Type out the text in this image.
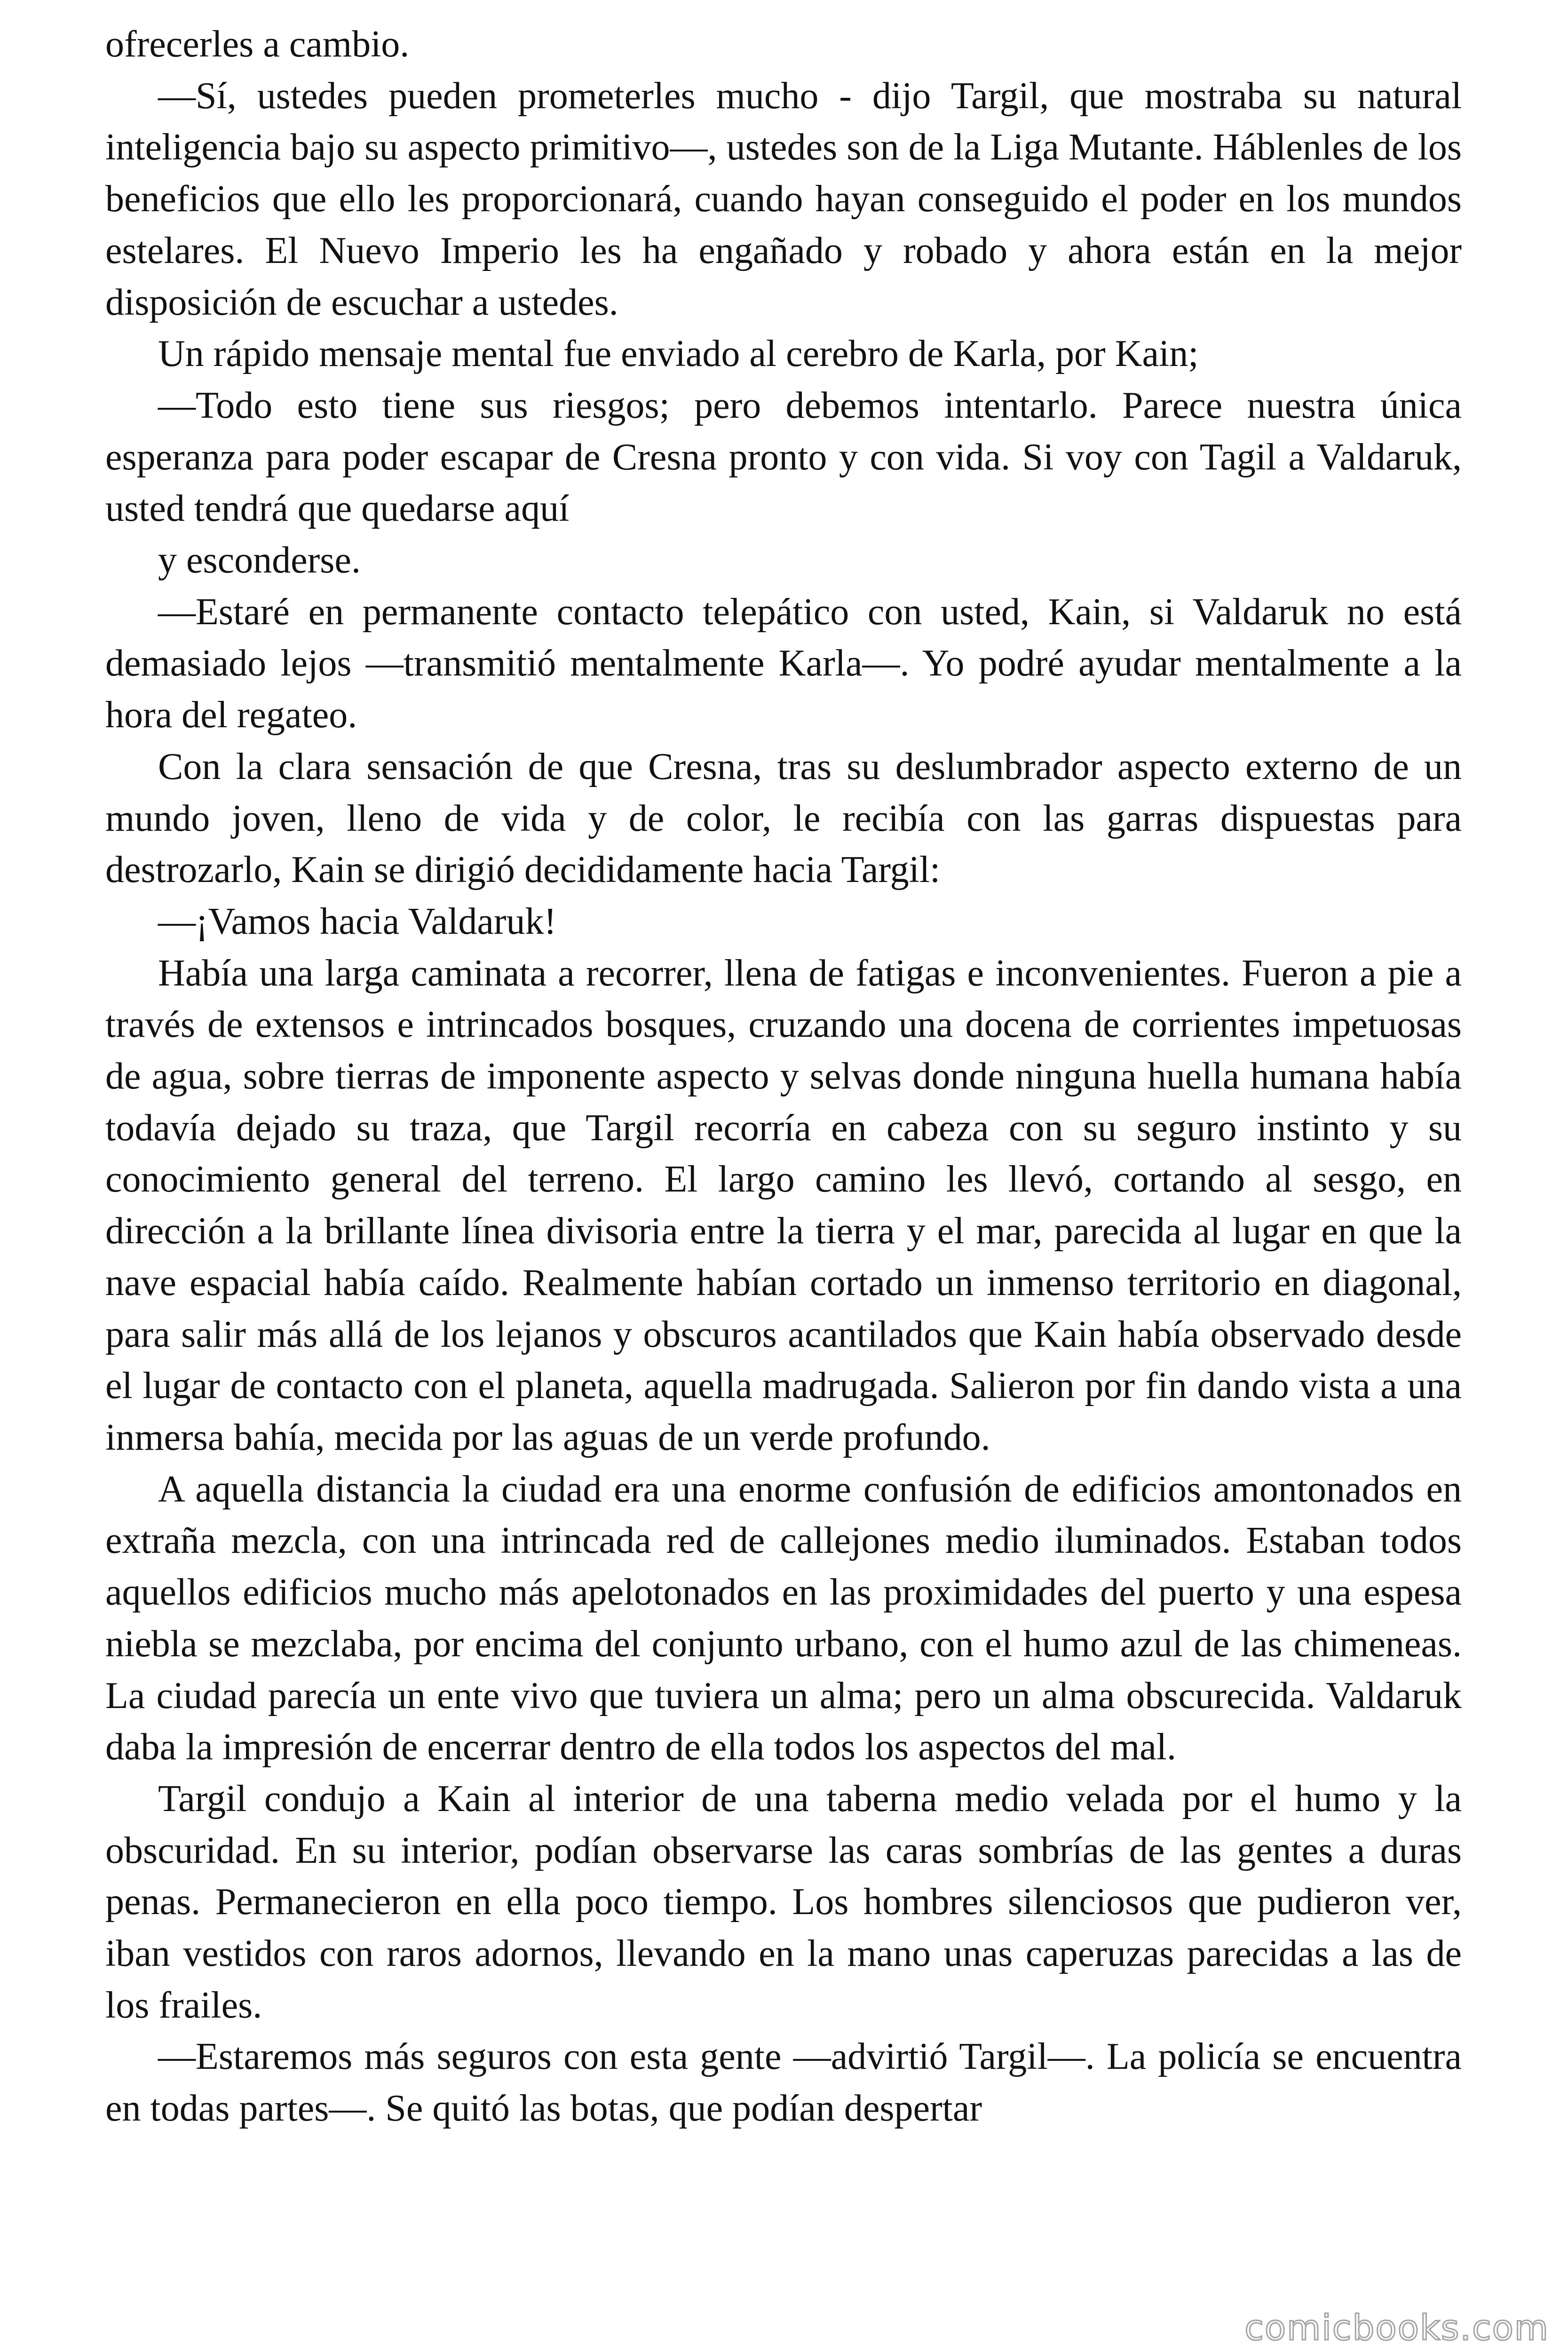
ofrecerles a cambio.

—Sí, ustedes pueden prometerles mucho - dijo Targil, que mostraba su natural inteligencia bajo su aspecto primitivo—, ustedes son de la Liga Mutante. Háblenles de los beneficios que ello les proporcionará, cuando hayan conseguido el poder en los mundos estelares. El Nuevo Imperio les ha engañado y robado y ahora están en la mejor disposición de escuchar a ustedes.

Un rápido mensaje mental fue enviado al cerebro de Karla, por Kain;

—Todo esto tiene sus riesgos; pero debemos intentarlo. Parece nuestra única esperanza para poder escapar de Cresna pronto y con vida. Si voy con Tagil a Valdaruk, usted tendrá que quedarse aquí

y esconderse.

—Estaré en permanente contacto telepático con usted, Kain, si Valdaruk no está demasiado lejos —transmitió mentalmente Karla—. Yo podré ayudar mentalmente a la hora del regateo.

Con la clara sensación de que Cresna, tras su deslumbrador aspecto externo de un mundo joven, lleno de vida y de color, le recibía con las garras dispuestas para destrozarlo, Kain se dirigió decididamente hacia Targil:

—¡Vamos hacia Valdaruk!

Había una larga caminata a recorrer, llena de fatigas e inconvenientes. Fueron a pie a través de extensos e intrincados bosques, cruzando una docena de corrientes impetuosas de agua, sobre tierras de imponente aspecto y selvas donde ninguna huella humana había todavía dejado su traza, que Targil recorría en cabeza con su seguro instinto y su conocimiento general del terreno. El largo camino les llevó, cortando al sesgo, en dirección a la brillante línea divisoria entre la tierra y el mar, parecida al lugar en que la nave espacial había caído. Realmente habían cortado un inmenso territorio en diagonal, para salir más allá de los lejanos y obscuros acantilados que Kain había observado desde el lugar de contacto con el planeta, aquella madrugada. Salieron por fin dando vista a una inmersa bahía, mecida por las aguas de un verde profundo.

A aquella distancia la ciudad era una enorme confusión de edificios amontonados en extraña mezcla, con una intrincada red de callejones medio iluminados. Estaban todos aquellos edificios mucho más apelotonados en las proximidades del puerto y una espesa niebla se mezclaba, por encima del conjunto urbano, con el humo azul de las chimeneas. La ciudad parecía un ente vivo que tuviera un alma; pero un alma obscurecida. Valdaruk daba la impresión de encerrar dentro de ella todos los aspectos del mal.

Targil condujo a Kain al interior de una taberna medio velada por el humo y la obscuridad. En su interior, podían observarse las caras sombrías de las gentes a duras penas. Permanecieron en ella poco tiempo. Los hombres silenciosos que pudieron ver, iban vestidos con raros adornos, llevando en la mano unas caperuzas parecidas a las de los frailes.

—Estaremos más seguros con esta gente —advirtió Targil—. La policía se encuentra en todas partes—. Se quitó las botas, que podían despertar

comicbooks.com
